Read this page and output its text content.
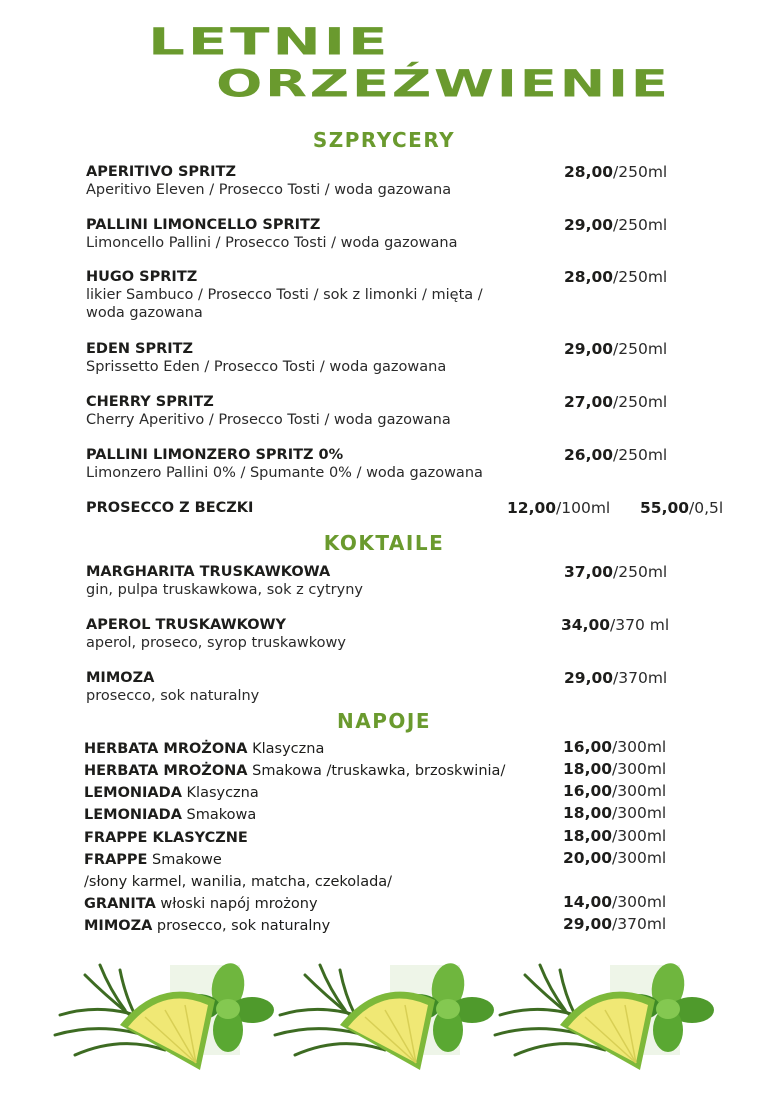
LETNIE
ORZEŹWIENIE
SZPRYCERY
APERITIVO SPRITZ
Aperitivo Eleven / Prosecco Tosti / woda gazowana
28,00/250ml
PALLINI LIMONCELLO SPRITZ
Limoncello Pallini / Prosecco Tosti / woda gazowana
29,00/250ml
HUGO SPRITZ
likier Sambuco / Prosecco Tosti / sok z limonki / mięta /
woda gazowana
28,00/250ml
EDEN SPRITZ
Sprissetto Eden / Prosecco Tosti / woda gazowana
29,00/250ml
CHERRY SPRITZ
Cherry Aperitivo / Prosecco Tosti / woda gazowana
27,00/250ml
PALLINI LIMONZERO SPRITZ 0%
Limonzero Pallini 0% / Spumante 0% / woda gazowana
26,00/250ml
PROSECCO Z BECZKI	12,00/100ml 55,00/0,5l
KOKTAILE
MARGHARITA TRUSKAWKOWA
gin, pulpa truskawkowa, sok z cytryny
37,00/250ml
APEROL TRUSKAWKOWY
aperol, proseco, syrop truskawkowy
34,00/370 ml
MIMOZA
prosecco, sok naturalny
29,00/370ml
NAPOJE
HERBATA MROŻONA Klasyczna	16,00/300ml
HERBATA MROŻONA Smakowa /truskawka, brzoskwinia/	18,00/300ml
LEMONIADA Klasyczna	16,00/300ml
LEMONIADA Smakowa	18,00/300ml
FRAPPE KLASYCZNE	18,00/300ml
FRAPPE Smakowe	20,00/300ml
/słony karmel, wanilia, matcha, czekolada/
GRANITA włoski napój mrożony	14,00/300ml
MIMOZA prosecco, sok naturalny	29,00/370ml
